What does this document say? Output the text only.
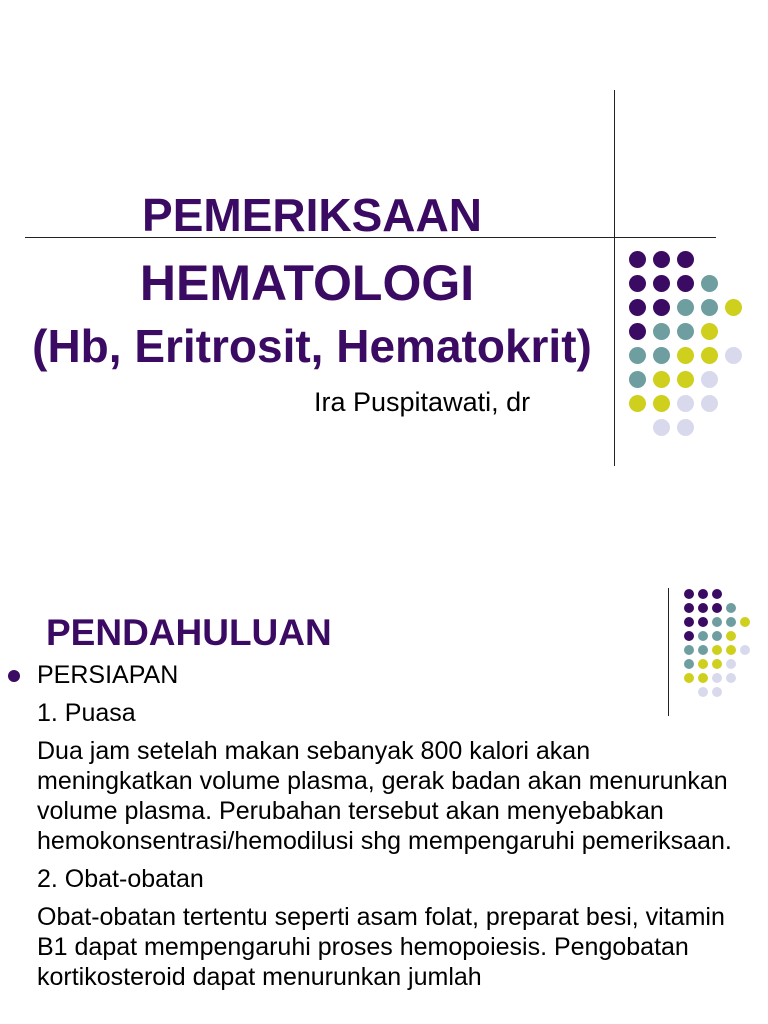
PEMERIKSAAN
HEMATOLOGI
(Hb, Eritrosit, Hematokrit)
Ira Puspitawati, dr
PENDAHULUAN
PERSIAPAN
1. Puasa
Dua jam setelah makan sebanyak 800 kalori akan meningkatkan volume plasma, gerak badan akan menurunkan volume plasma. Perubahan tersebut akan menyebabkan hemokonsentrasi/hemodilusi shg mempengaruhi pemeriksaan.
2. Obat-obatan
Obat-obatan tertentu seperti asam folat, preparat besi, vitamin B1 dapat mempengaruhi proses hemopoiesis. Pengobatan kortikosteroid dapat menurunkan jumlah
